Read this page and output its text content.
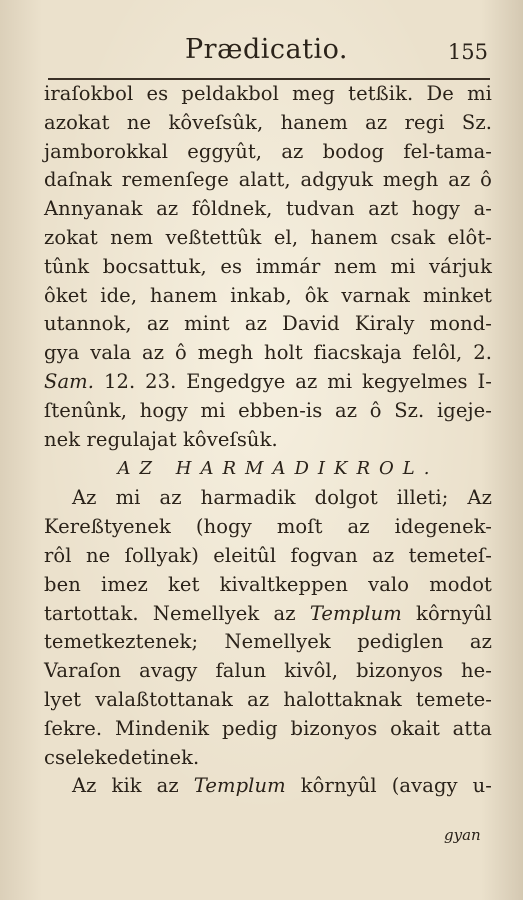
Prædicatio.	155
iraſokbol es peldakbol meg tetßik. De mi
azokat ne kôveſsûk, hanem az regi Sz.
jamborokkal eggyût, az bodog fel-tama-
daſnak remenſege alatt, adgyuk megh az ô
Annyanak az fôldnek, tudvan azt hogy a-
zokat nem veßtettûk el, hanem csak elôt-
tûnk bocsattuk, es immár nem mi várjuk
ôket ide, hanem inkab, ôk varnak minket
utannok, az mint az David Kiraly mond-
gya vala az ô megh holt fiacskaja felôl, 2.
Sam. 12. 23. Engedgye az mi kegyelmes I-
ſtenûnk, hogy mi ebben-is az ô Sz. igeje-
nek regulajat kôveſsûk.
AZ HARMADIKROL.
Az mi az harmadik dolgot illeti; Az
Kereßtyenek (hogy moſt az idegenek-
rôl ne ſollyak) eleitûl fogvan az temeteſ-
ben imez ket kivaltkeppen valo modot
tartottak. Nemellyek az Templum kôrnyûl
temetkeztenek; Nemellyek pediglen az
Varaſon avagy falun kivôl, bizonyos he-
lyet valaßtottanak az halottaknak temete-
ſekre. Mindenik pedig bizonyos okait atta
cselekedetinek.
Az kik az Templum kôrnyûl (avagy u-
gyan
